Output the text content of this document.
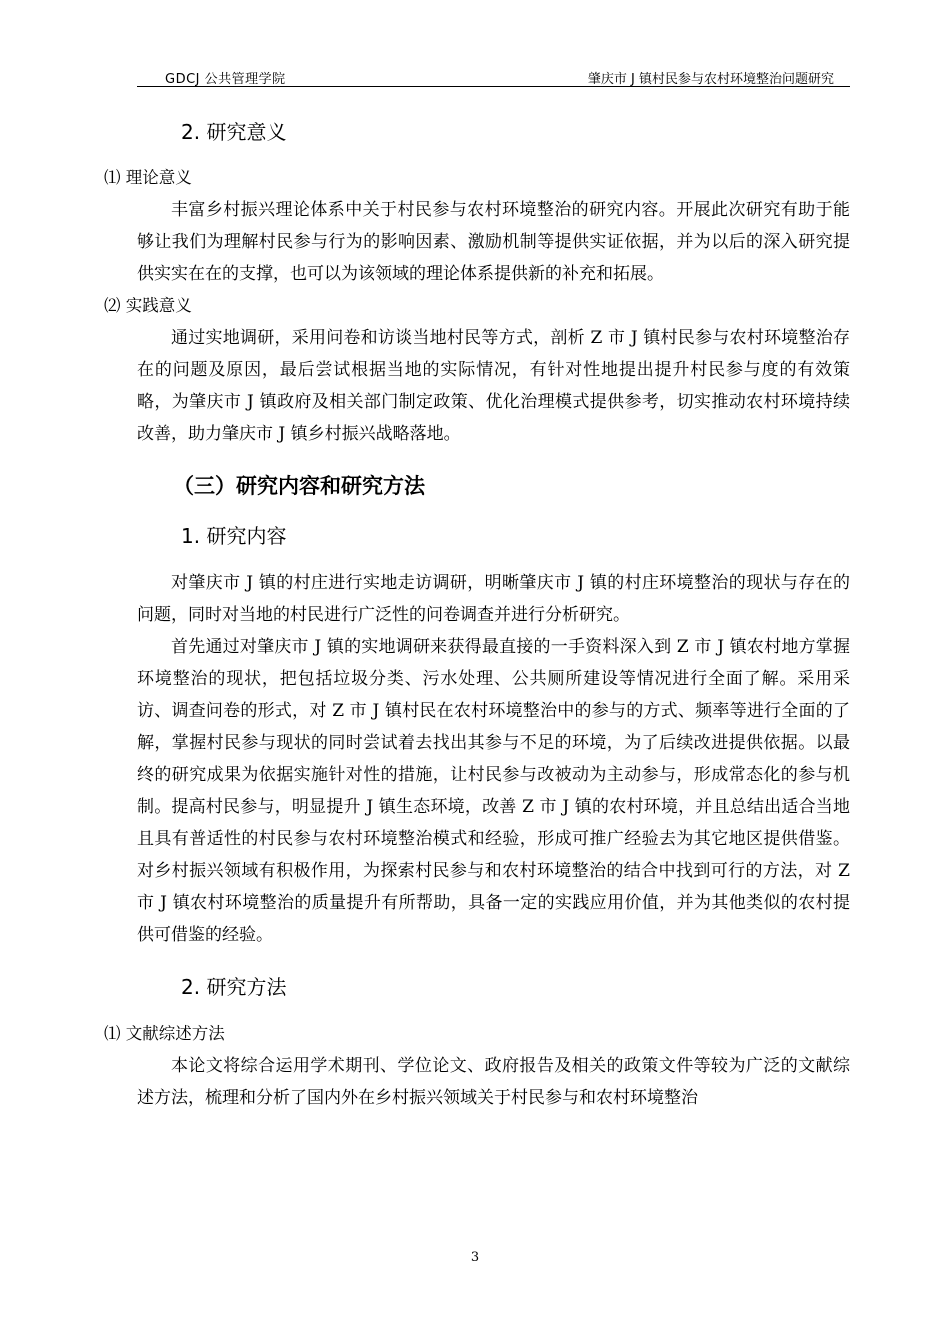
GDCJ 公共管理学院	肇庆市 J 镇村民参与农村环境整治问题研究
2. 研究意义
⑴ 理论意义

丰富乡村振兴理论体系中关于村民参与农村环境整治的研究内容。开展此次研究有助于能够让我们为理解村民参与行为的影响因素、激励机制等提供实证依据，并为以后的深入研究提供实实在在的支撑，也可以为该领域的理论体系提供新的补充和拓展。

⑵ 实践意义

通过实地调研，采用问卷和访谈当地村民等方式，剖析 Z 市 J 镇村民参与农村环境整治存在的问题及原因，最后尝试根据当地的实际情况，有针对性地提出提升村民参与度的有效策略，为肇庆市 J 镇政府及相关部门制定政策、优化治理模式提供参考，切实推动农村环境持续改善，助力肇庆市 J 镇乡村振兴战略落地。

（三）研究内容和研究方法
1. 研究内容

对肇庆市 J 镇的村庄进行实地走访调研，明晰肇庆市 J 镇的村庄环境整治的现状与存在的问题，同时对当地的村民进行广泛性的问卷调查并进行分析研究。

首先通过对肇庆市 J 镇的实地调研来获得最直接的一手资料深入到 Z 市 J 镇农村地方掌握环境整治的现状，把包括垃圾分类、污水处理、公共厕所建设等情况进行全面了解。采用采访、调查问卷的形式，对 Z 市 J 镇村民在农村环境整治中的参与的方式、频率等进行全面的了解，掌握村民参与现状的同时尝试着去找出其参与不足的环境，为了后续改进提供依据。以最终的研究成果为依据实施针对性的措施，让村民参与改被动为主动参与，形成常态化的参与机制。提高村民参与，明显提升 J 镇生态环境，改善 Z 市 J 镇的农村环境，并且总结出适合当地且具有普适性的村民参与农村环境整治模式和经验，形成可推广经验去为其它地区提供借鉴。对乡村振兴领域有积极作用，为探索村民参与和农村环境整治的结合中找到可行的方法，对 Z 市 J 镇农村环境整治的质量提升有所帮助，具备一定的实践应用价值，并为其他类似的农村提供可借鉴的经验。

2. 研究方法
⑴ 文献综述方法

本论文将综合运用学术期刊、学位论文、政府报告及相关的政策文件等较为广泛的文献综述方法，梳理和分析了国内外在乡村振兴领域关于村民参与和农村环境整治

3
